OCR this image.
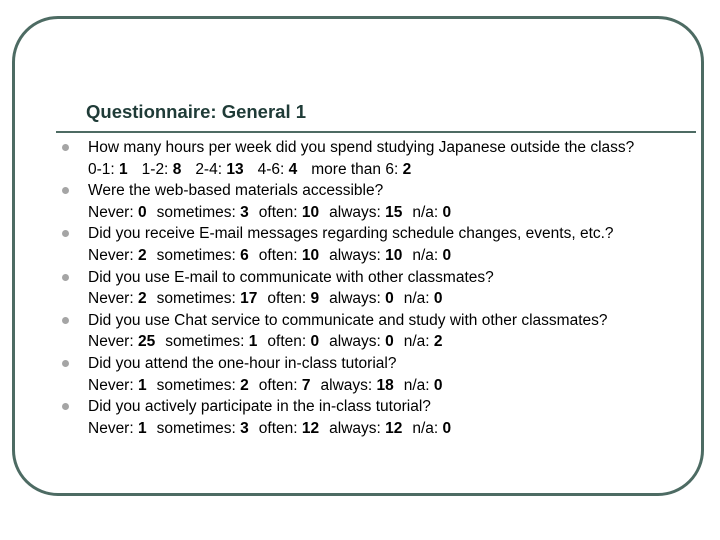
Questionnaire: General 1
How many hours per week did you spend studying Japanese outside the class?
0-1: 1 1-2: 8 2-4: 13 4-6: 4 more than 6: 2
Were the web-based materials accessible?
Never: 0 sometimes: 3 often: 10 always: 15 n/a: 0
Did you receive E-mail messages regarding schedule changes, events, etc.?
Never: 2 sometimes: 6 often: 10 always: 10 n/a: 0
Did you use E-mail to communicate with other classmates?
Never: 2 sometimes: 17 often: 9 always: 0 n/a: 0
Did you use Chat service to communicate and study with other classmates?
Never: 25 sometimes: 1 often: 0 always: 0 n/a: 2
Did you attend the one-hour in-class tutorial?
Never: 1 sometimes: 2 often: 7 always: 18 n/a: 0
Did you actively participate in the in-class tutorial?
Never: 1 sometimes: 3 often: 12 always: 12 n/a: 0
